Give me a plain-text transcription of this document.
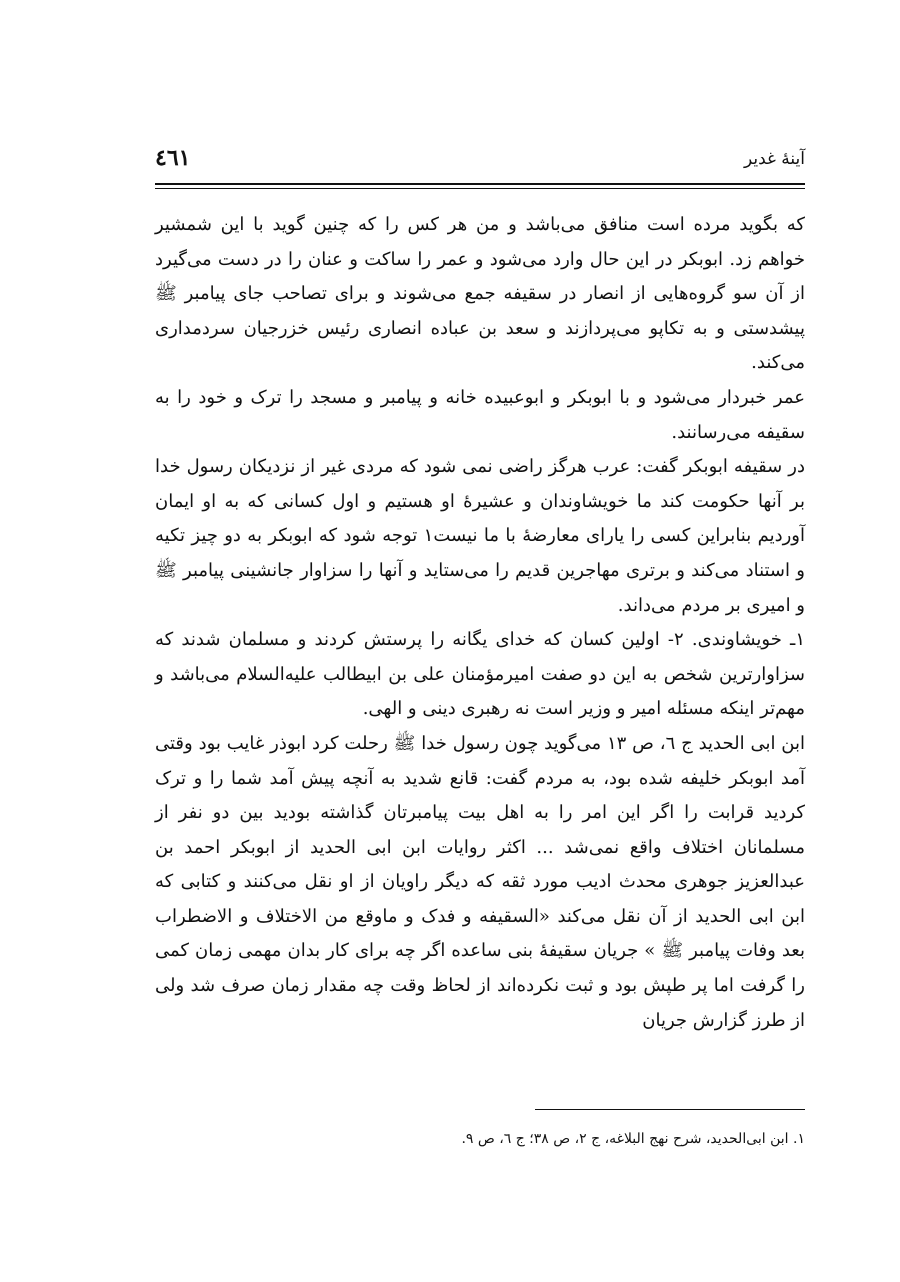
آینهٔ غدیر
٤٦١

که بگوید مرده است منافق می‌باشد و من هر کس را که چنین گوید با این شمشیر خواهم زد. ابوبکر در این حال وارد می‌شود و عمر را ساکت و عنان را در دست می‌گیرد از آن سو گروه‌هایی از انصار در سقیفه جمع می‌شوند و برای تصاحب جای پیامبر ﷺ پیشدستی و به تکاپو می‌پردازند و سعد بن عباده انصاری رئیس خزرجیان سردمداری می‌کند.

عمر خبردار می‌شود و با ابوبکر و ابوعبیده خانه و پیامبر و مسجد را ترک و خود را به سقیفه می‌رسانند.

در سقیفه ابوبکر گفت: عرب هرگز راضی نمی شود که مردی غیر از نزدیکان رسول خدا بر آنها حکومت کند ما خویشاوندان و عشیرهٔ او هستیم و اول کسانی که به او ایمان آوردیم بنابراین کسی را یارای معارضهٔ با ما نیست١ توجه شود که ابوبکر به دو چیز تکیه و استناد می‌کند و برتری مهاجرین قدیم را می‌ستاید و آنها را سزاوار جانشینی پیامبر ﷺ و امیری بر مردم می‌داند.

١ـ خویشاوندی. ٢- اولین کسان که خدای یگانه را پرستش کردند و مسلمان شدند که سزاوارترین شخص به این دو صفت امیرمؤمنان علی بن ابیطالب علیه‌السلام می‌باشد و مهم‌تر اینکه مسئله امیر و وزیر است نه رهبری دینی و الهی.

ابن ابی الحدید ج ٦، ص ١٣ می‌گوید چون رسول خدا ﷺ رحلت کرد ابوذر غایب بود وقتی آمد ابوبکر خلیفه شده بود، به مردم گفت: قانع شدید به آنچه پیش آمد شما را و ترک کردید قرابت را اگر این امر را به اهل بیت پیامبرتان گذاشته بودید بین دو نفر از مسلمانان اختلاف واقع نمی‌شد ... اکثر روایات ابن ابی الحدید از ابوبکر احمد بن عبدالعزیز جوهری محدث ادیب مورد ثقه که دیگر راویان از او نقل می‌کنند و کتابی که ابن ابی الحدید از آن نقل می‌کند «السقیفه و فدک و ماوقع من الاختلاف و الاضطراب بعد وفات پیامبر ﷺ » جریان سقیفهٔ بنی ساعده اگر چه برای کار بدان مهمی زمان کمی را گرفت اما پر طپش بود و ثبت نکرده‌اند از لحاظ وقت چه مقدار زمان صرف شد ولی از طرز گزارش جریان

١. ابن ابی‌الحدید، شرح نهج البلاغه، ج ٢، ص ٣٨؛ ج ٦، ص ٩.
